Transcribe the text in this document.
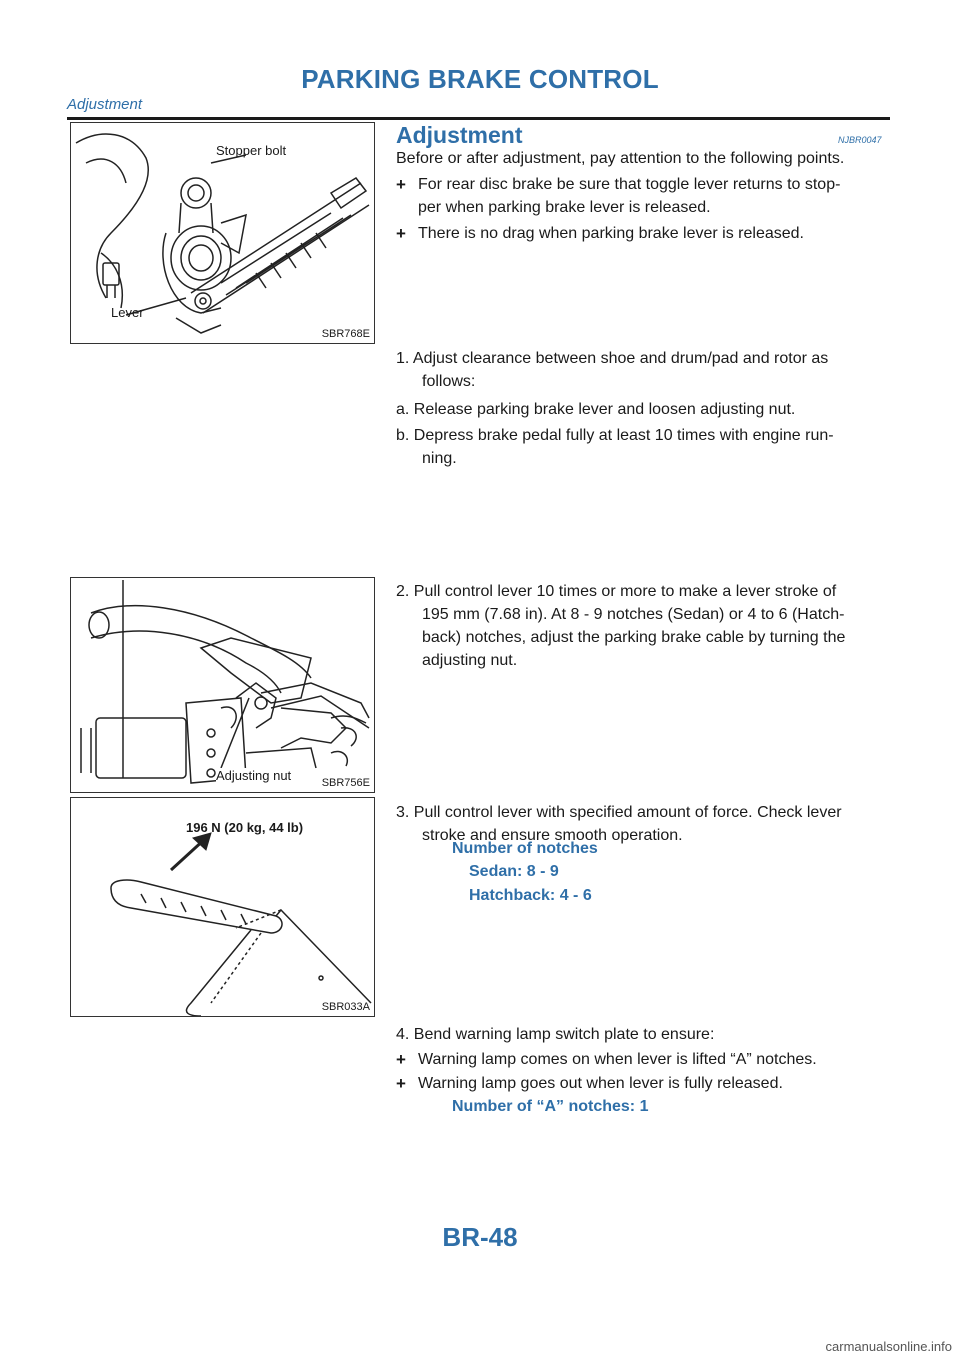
PARKING BRAKE CONTROL
Adjustment
Stopper bolt
Lever
SBR768E
Adjustment	NJBR0047
Before or after adjustment, pay attention to the following points.
+ For rear disc brake be sure that toggle lever returns to stop-
per when parking brake lever is released.
+ There is no drag when parking brake lever is released.
1. Adjust clearance between shoe and drum/pad and rotor as
follows:
a. Release parking brake lever and loosen adjusting nut.
b. Depress brake pedal fully at least 10 times with engine run-
ning.
Adjusting nut	SBR756E
2. Pull control lever 10 times or more to make a lever stroke of
195 mm (7.68 in). At 8 - 9 notches (Sedan) or 4 to 6 (Hatch-
back) notches, adjust the parking brake cable by turning the
adjusting nut.
196 N (20 kg, 44 lb)
SBR033A
3. Pull control lever with specified amount of force. Check lever
stroke and ensure smooth operation.
Number of notches
Sedan: 8 - 9
Hatchback: 4 - 6
4. Bend warning lamp switch plate to ensure:
+ Warning lamp comes on when lever is lifted “A” notches.
+ Warning lamp goes out when lever is fully released.
Number of “A” notches: 1
BR-48
carmanualsonline.info
